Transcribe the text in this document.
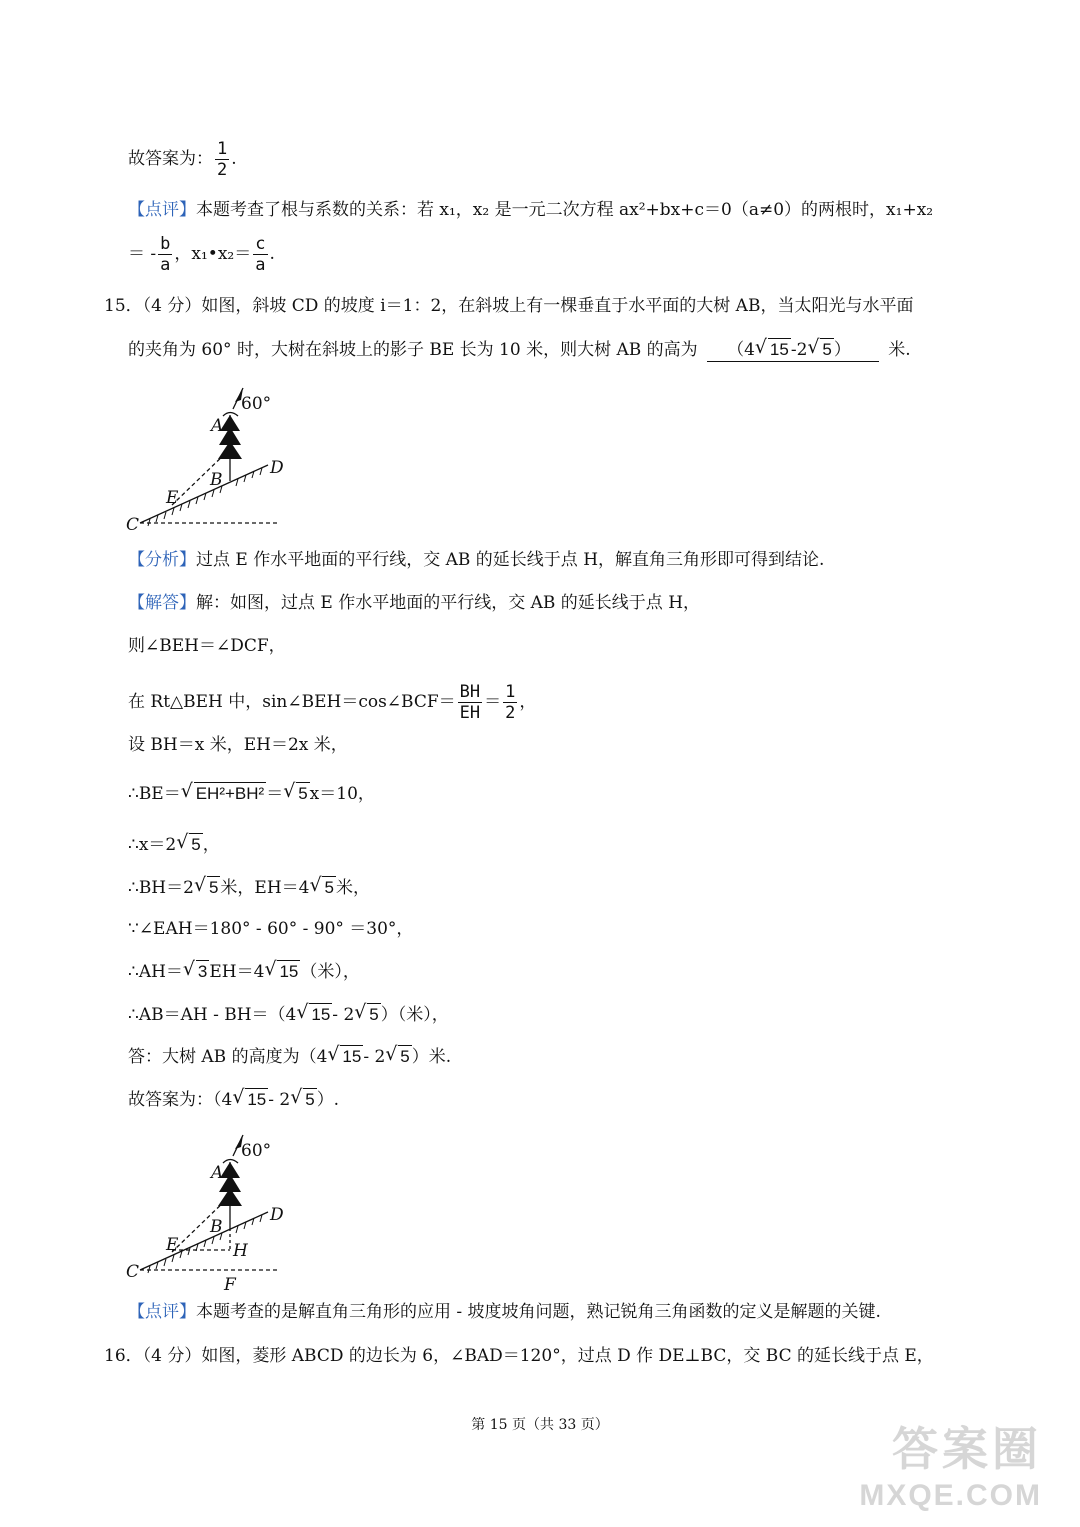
故答案为： $\frac{1}{2}$ .
【点评】本题考查了根与系数的关系：若 x₁，x₂ 是一元二次方程 ax²+bx+c＝0（a≠0）的两根时，x₁+x₂
＝ - $\frac{b}{a}$ ，x₁•x₂＝ $\frac{c}{a}$ .
15．（4 分）如图，斜坡 CD 的坡度 i＝1：2，在斜坡上有一棵垂直于水平面的大树 AB，当太阳光与水平面
的夹角为 60° 时，大树在斜坡上的影子 BE 长为 10 米，则大树 AB 的高为 （4 √ 15 -2 √ 5 ） 米.
A
60°
B
D
E
C
【分析】过点 E 作水平地面的平行线，交 AB 的延长线于点 H，解直角三角形即可得到结论.
【解答】解：如图，过点 E 作水平地面的平行线，交 AB 的延长线于点 H，
则∠BEH＝∠DCF，
在 Rt△BEH 中，sin∠BEH＝cos∠BCF＝ $\frac{BH}{EH} = \frac{1}{2}$ ，
设 BH＝x 米，EH＝2x 米，
∴BE＝ √ EH²+BH² ＝ √ 5 x＝10，
∴x＝2 √ 5 ，
∴BH＝2 √ 5 米，EH＝4 √ 5 米，
∵∠EAH＝180° - 60° - 90° ＝30°，
∴AH＝ √ 3 EH＝4 √ 15 （米），
∴AB＝AH - BH＝（4 √ 15 - 2 √ 5 ）（米），
答：大树 AB 的高度为（4 √ 15 - 2 √ 5 ）米.
故答案为：（4 √ 15 - 2 √ 5 ）.
A
60°
B
D
E	H
C
F
【点评】本题考查的是解直角三角形的应用 - 坡度坡角问题，熟记锐角三角函数的定义是解题的关键.
16．（4 分）如图，菱形 ABCD 的边长为 6，∠BAD＝120°，过点 D 作 DE⊥BC，交 BC 的延长线于点 E，
第 15 页（共 33 页）	答案圈
MXQE.COM
